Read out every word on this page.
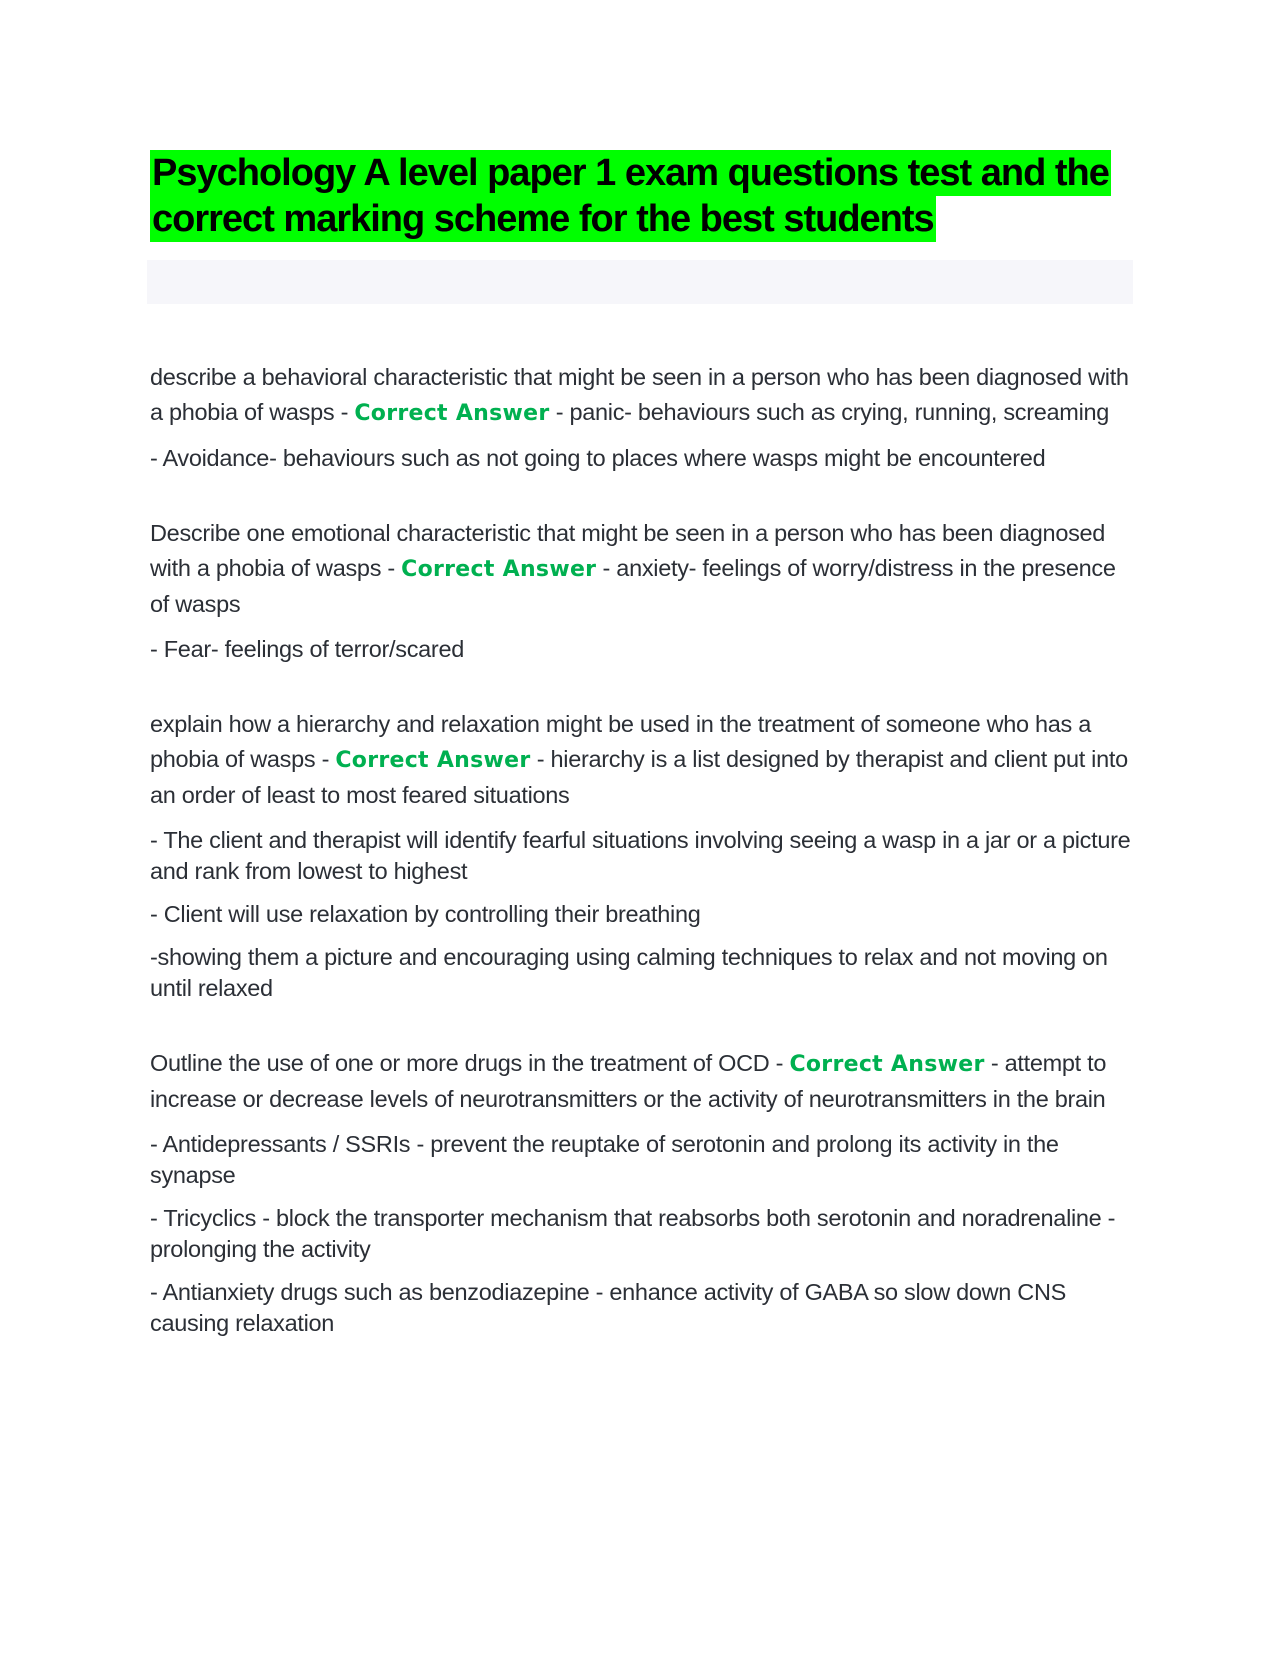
Psychology A level paper 1 exam questions test and the
correct marking scheme for the best students
describe a behavioral characteristic that might be seen in a person who has been diagnosed with a phobia of wasps - Correct Answer - panic- behaviours such as crying, running, screaming
- Avoidance- behaviours such as not going to places where wasps might be encountered
Describe one emotional characteristic that might be seen in a person who has been diagnosed with a phobia of wasps - Correct Answer - anxiety- feelings of worry/distress in the presence of wasps
- Fear- feelings of terror/scared
explain how a hierarchy and relaxation might be used in the treatment of someone who has a phobia of wasps - Correct Answer - hierarchy is a list designed by therapist and client put into an order of least to most feared situations
- The client and therapist will identify fearful situations involving seeing a wasp in a jar or a picture and rank from lowest to highest
- Client will use relaxation by controlling their breathing
-showing them a picture and encouraging using calming techniques to relax and not moving on until relaxed
Outline the use of one or more drugs in the treatment of OCD - Correct Answer - attempt to increase or decrease levels of neurotransmitters or the activity of neurotransmitters in the brain
- Antidepressants / SSRIs - prevent the reuptake of serotonin and prolong its activity in the synapse
- Tricyclics - block the transporter mechanism that reabsorbs both serotonin and noradrenaline - prolonging the activity
- Antianxiety drugs such as benzodiazepine - enhance activity of GABA so slow down CNS causing relaxation
